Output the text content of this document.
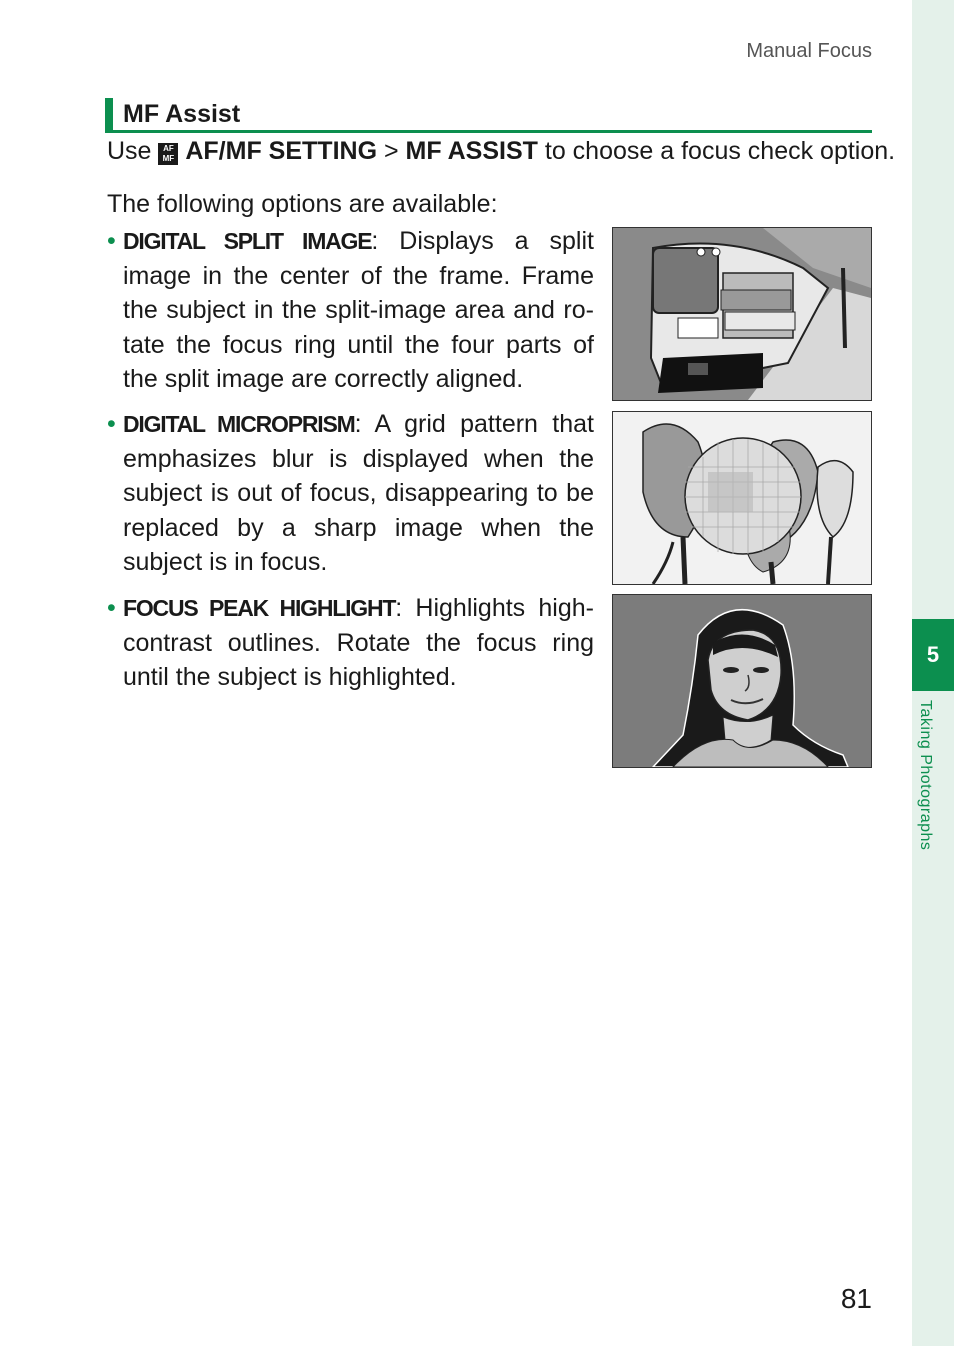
5
Taking Photographs
Manual Focus
MF Assist
Use AF
MF AF/MF SETTING > MF ASSIST to choose a focus check option.
The following options are available:
• DIGITAL SPLIT IMAGE: Displays a split image in the center of the frame. Frame the subject in the split-image area and rotate the focus ring until the four parts of the split image are correctly aligned.
• DIGITAL MICROPRISM: A grid pattern that emphasizes blur is displayed when the subject is out of focus, disappearing to be replaced by a sharp image when the subject is in focus.
• FOCUS PEAK HIGHLIGHT: Highlights high-contrast outlines. Rotate the focus ring until the subject is highlighted.
81
